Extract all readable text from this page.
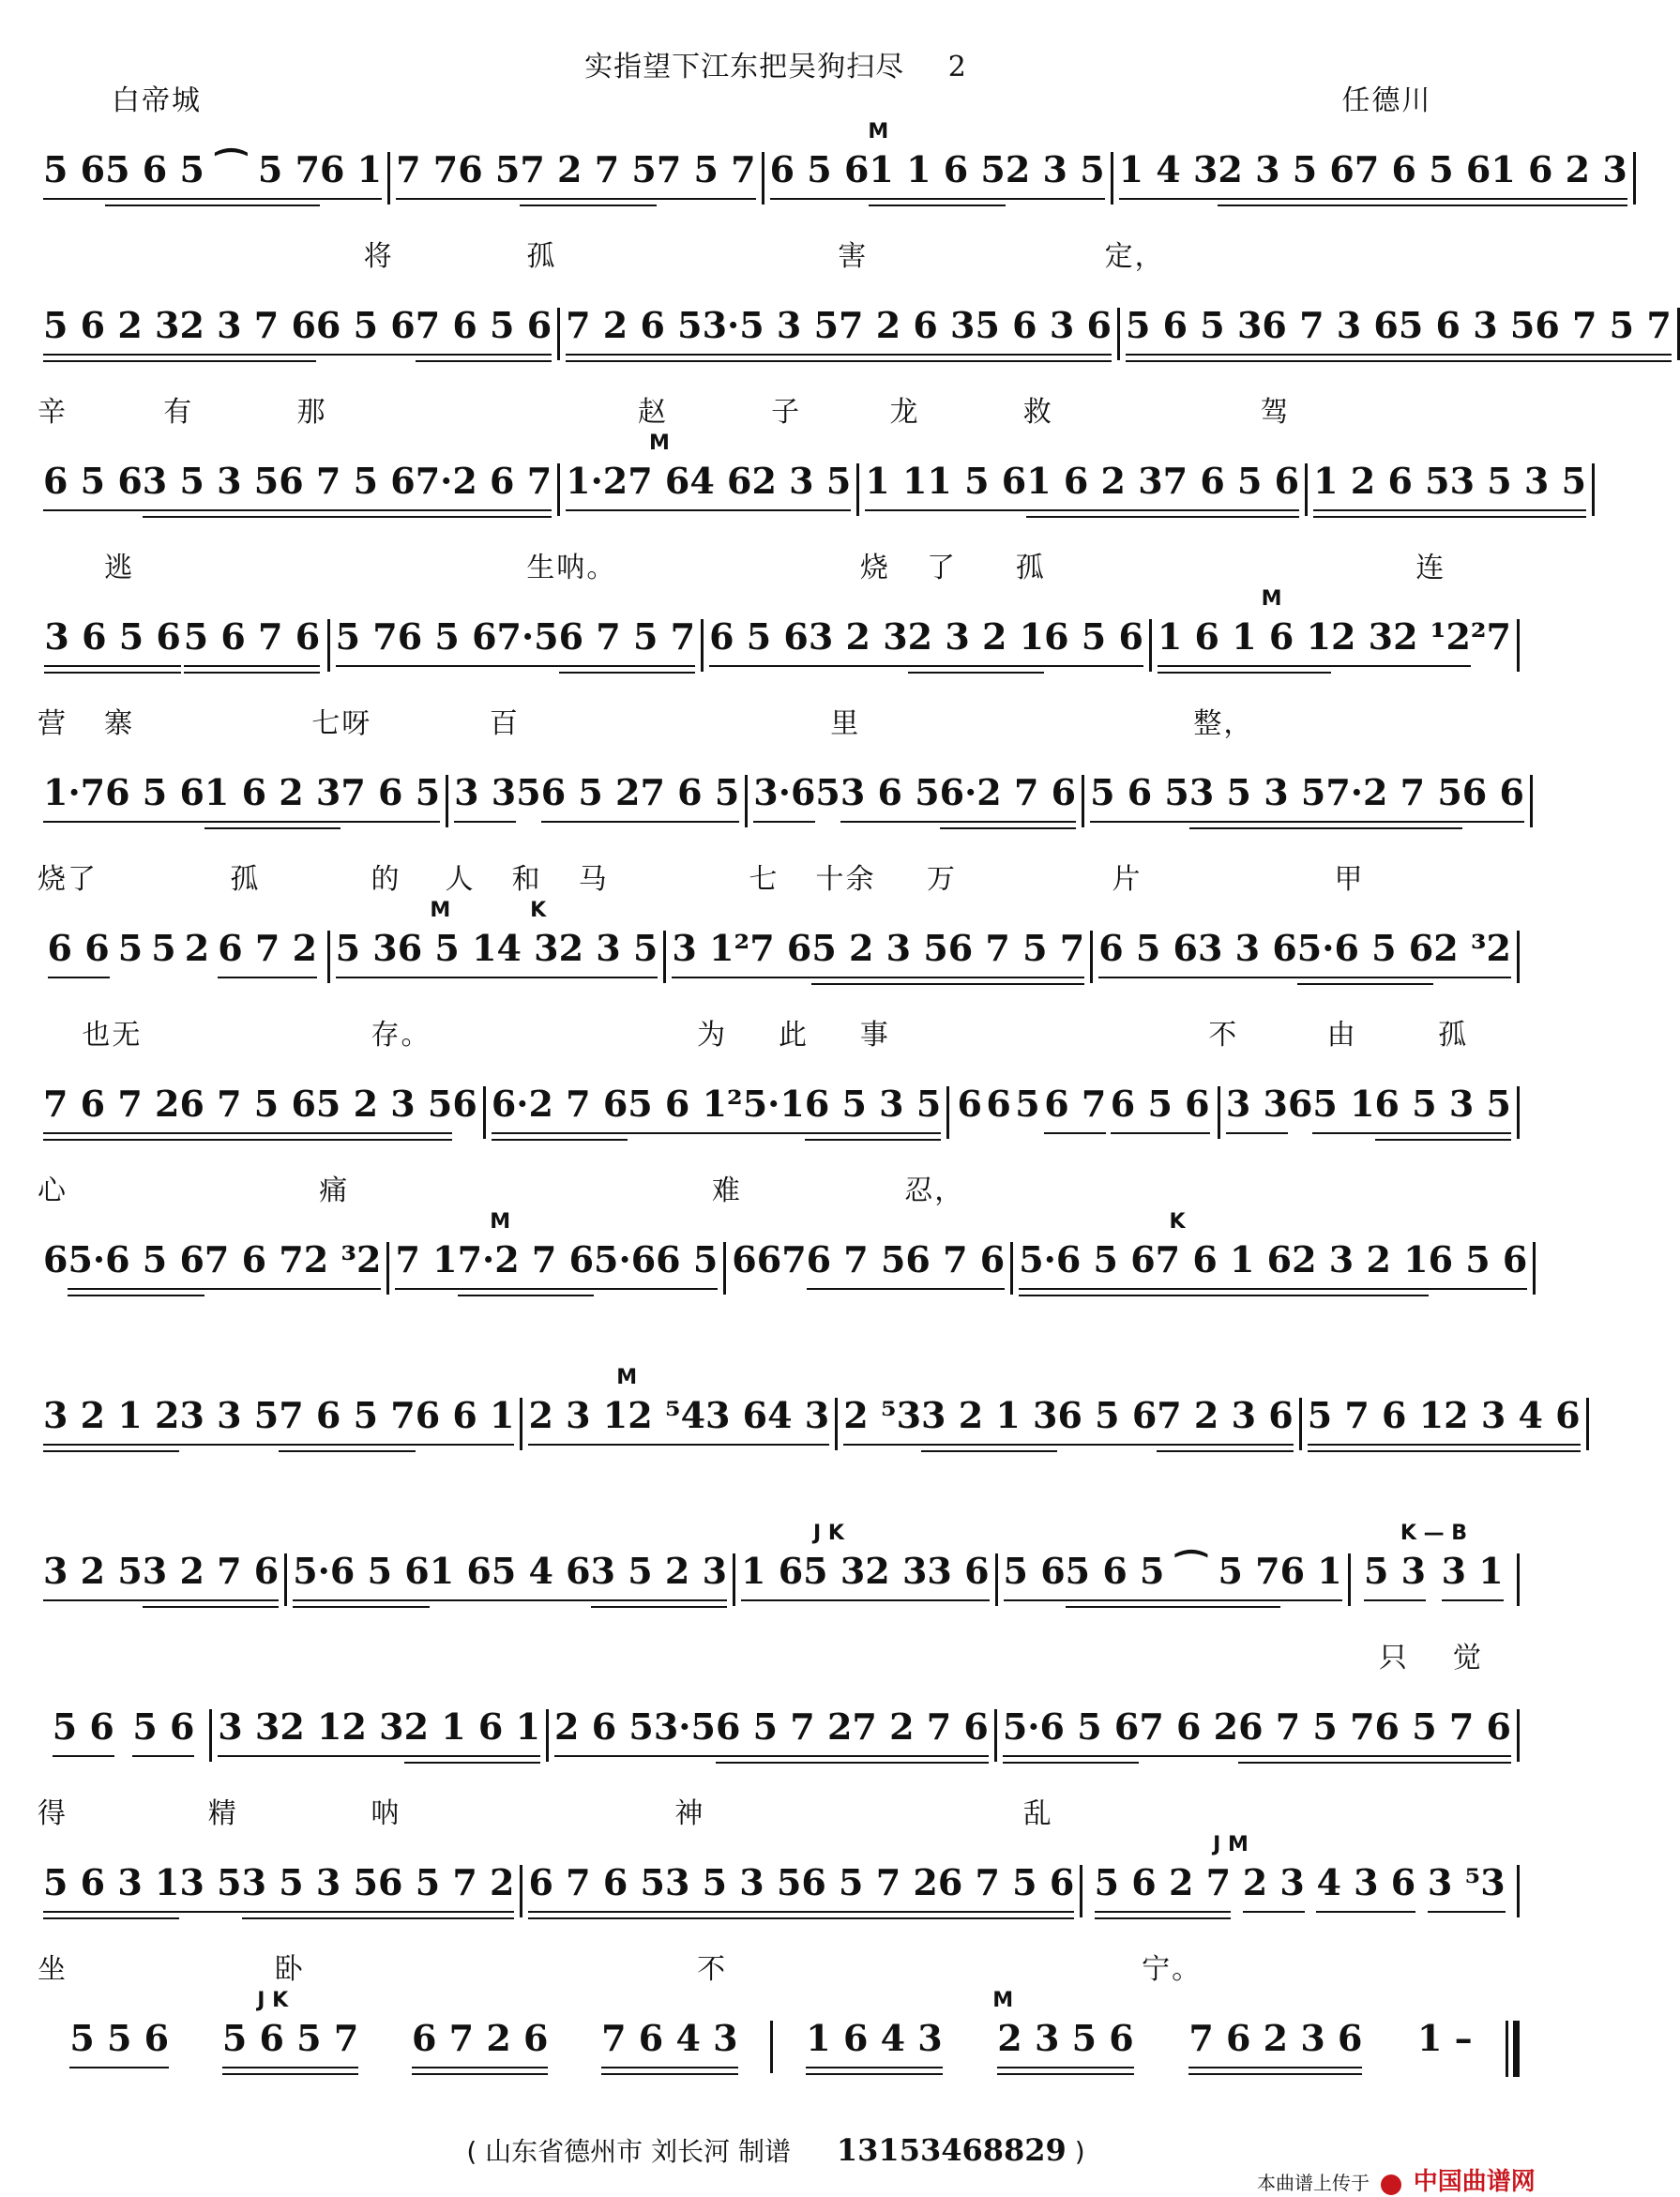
实指望下江东把吴狗扫尽 2
白帝城	任德川
5 6 5 6 5 ⁀ 5 7 6 1 7 7 6 5 7 2 7 5 7 5 7 6 5 6 1 1 6 5 2 3 5
M
1 4 3 2 3 5 6 7 6 5 6 1 6 2 3
将	孤	害	定，
5 6 2 3 2 3 7 6 6 5 6 7 6 5 6 7 2 6 5 3·5 3 5 7 2 6 3 5 6 3 6 5 6 5 3 6 7 3 6 5 6 3 5 6 7 5 7
辛	有	那	赵	子	龙	救	驾
6 5 6 3 5 3 5 6 7 5 6 7·2 6 7 1·2 7 6 4 6 2 3 5
M
1 1 1 5 6 1 6 2 3 7 6 5 6 1 2 6 5 3 5 3 5
逃	生呐。	烧 了 孤	连
3 6 5 6 5 6 7 6 5 7 6 5 6 7·5 6 7 5 7 6 5 6 3 2 3 2 3 2 1 6 5 6 1 6 1 6 1 2 3 2 ¹2 ²7
M
营 寨	七呀	百	里	整，
1·7 6 5 6 1 6 2 3 7 6 5 3 3 5 6 5 2 7 6 5 3·6 5 3 6 5 6·2 7 6 5 6 5 3 5 3 5 7·2 7 5 6 6
烧了	孤	的 人 和 马	七 十余 万	片	甲
6 6 5 5 2 6 7 2 5 3 6 5 1 4 3 2 3 5
M	K
3 1 ²7 6 5 2 3 5 6 7 5 7 6 5 6 3 3 6 5·6 5 6 2 ³2
也无	存。	为 此 事	不	由	孤
7 6 7 2 6 7 5 6 5 2 3 5 6 6·2 7 6 5 6 1 ²5·1 6 5 3 5 6 6 5 6 7 6 5 6 3 3 6 5 1 6 5 3 5
心	痛	难	忍，
6 5·6 5 6 7 6 7 2 ³2 7 1 7·2 7 6 5·6 6 5
M
6 6 7 6 7 5 6 7 6 5·6 5 6 7 6 1 6 2 3 2 1 6 5 6
K
3 2 1 2 3 3 5 7 6 5 7 6 6 1 2 3 1 2 ⁵4 3 6 4 3
M
2 ⁵3 3 2 1 3 6 5 6 7 2 3 6 5 7 6 1 2 3 4 6
3 2 5 3 2 7 6 5·6 5 6 1 6 5 4 6 3 5 2 3 1 6 5 3 2 3 3 6
J K
5 6 5 6 5 ⁀ 5 7 6 1 5 3 3 1
K — B
只 觉
5 6 5 6 3 3 2 1 2 3 2 1 6 1 2 6 5 3·5 6 5 7 2 7 2 7 6 5·6 5 6 7 6 2 6 7 5 7 6 5 7 6
得	精	呐	神	乱
5 6 3 1 3 5 3 5 3 5 6 5 7 2 6 7 6 5 3 5 3 5 6 5 7 2 6 7 5 6 5 6 2 7 2 3 4 3 6 3 ⁵3
J M
坐	卧	不	宁。
5 5 6 5 6 5 7 6 7 2 6 7 6 4 3
J K
1 6 4 3 2 3 5 6 7 6 2 3 6 1 –
M
( 山东省德州市 刘长河 制谱 13153468829 )
本曲谱上传于 中国曲谱网
